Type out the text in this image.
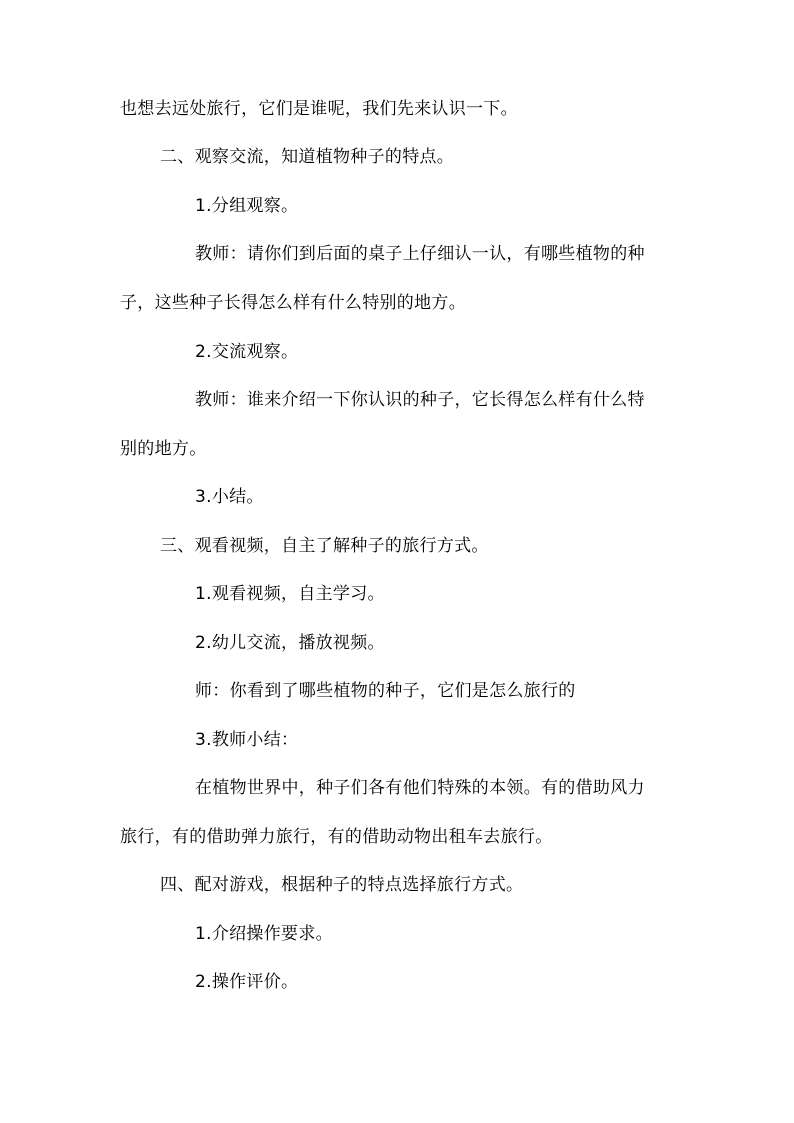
也想去远处旅行，它们是谁呢，我们先来认识一下。
二、观察交流，知道植物种子的特点。
1.分组观察。
教师：请你们到后面的桌子上仔细认一认，有哪些植物的种
子，这些种子长得怎么样有什么特别的地方。
2.交流观察。
教师：谁来介绍一下你认识的种子，它长得怎么样有什么特
别的地方。
3.小结。
三、观看视频，自主了解种子的旅行方式。
1.观看视频，自主学习。
2.幼儿交流，播放视频。
师：你看到了哪些植物的种子，它们是怎么旅行的
3.教师小结：
在植物世界中，种子们各有他们特殊的本领。有的借助风力
旅行，有的借助弹力旅行，有的借助动物出租车去旅行。
四、配对游戏，根据种子的特点选择旅行方式。
1.介绍操作要求。
2.操作评价。
